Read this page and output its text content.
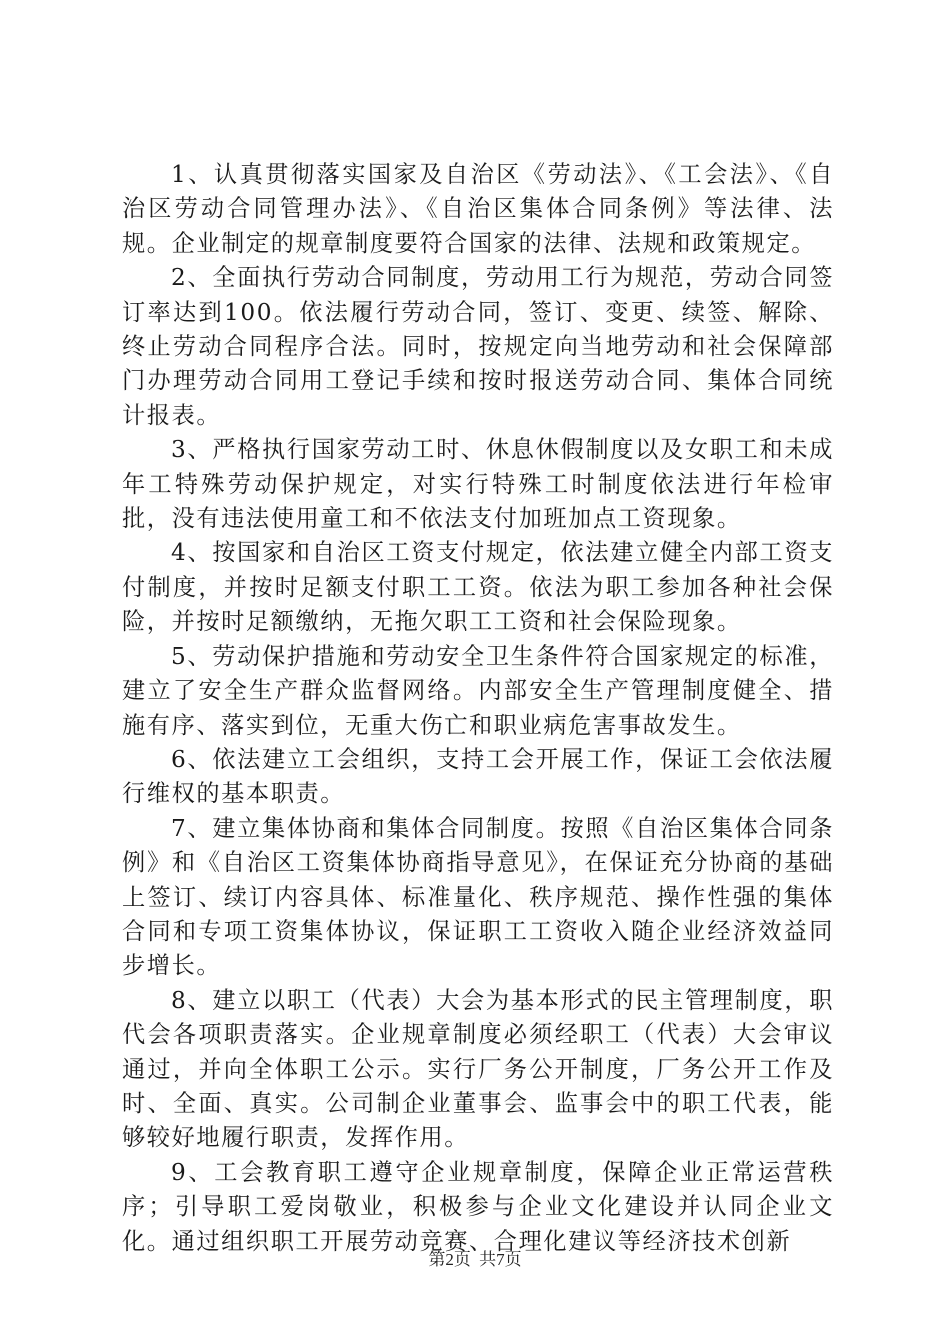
1、认真贯彻落实国家及自治区《劳动法》、《工会法》、《自治区劳动合同管理办法》、《自治区集体合同条例》等法律、法规。企业制定的规章制度要符合国家的法律、法规和政策规定。

2、全面执行劳动合同制度，劳动用工行为规范，劳动合同签订率达到100。依法履行劳动合同，签订、变更、续签、解除、终止劳动合同程序合法。同时，按规定向当地劳动和社会保障部门办理劳动合同用工登记手续和按时报送劳动合同、集体合同统计报表。

3、严格执行国家劳动工时、休息休假制度以及女职工和未成年工特殊劳动保护规定，对实行特殊工时制度依法进行年检审批，没有违法使用童工和不依法支付加班加点工资现象。

4、按国家和自治区工资支付规定，依法建立健全内部工资支付制度，并按时足额支付职工工资。依法为职工参加各种社会保险，并按时足额缴纳，无拖欠职工工资和社会保险现象。

5、劳动保护措施和劳动安全卫生条件符合国家规定的标准，建立了安全生产群众监督网络。内部安全生产管理制度健全、措施有序、落实到位，无重大伤亡和职业病危害事故发生。

6、依法建立工会组织，支持工会开展工作，保证工会依法履行维权的基本职责。

7、建立集体协商和集体合同制度。按照《自治区集体合同条例》和《自治区工资集体协商指导意见》，在保证充分协商的基础上签订、续订内容具体、标准量化、秩序规范、操作性强的集体合同和专项工资集体协议，保证职工工资收入随企业经济效益同步增长。

8、建立以职工（代表）大会为基本形式的民主管理制度，职代会各项职责落实。企业规章制度必须经职工（代表）大会审议通过，并向全体职工公示。实行厂务公开制度，厂务公开工作及时、全面、真实。公司制企业董事会、监事会中的职工代表，能够较好地履行职责，发挥作用。

9、工会教育职工遵守企业规章制度，保障企业正常运营秩序；引导职工爱岗敬业，积极参与企业文化建设并认同企业文化。通过组织职工开展劳动竞赛、合理化建议等经济技术创新

第2页 共7页
